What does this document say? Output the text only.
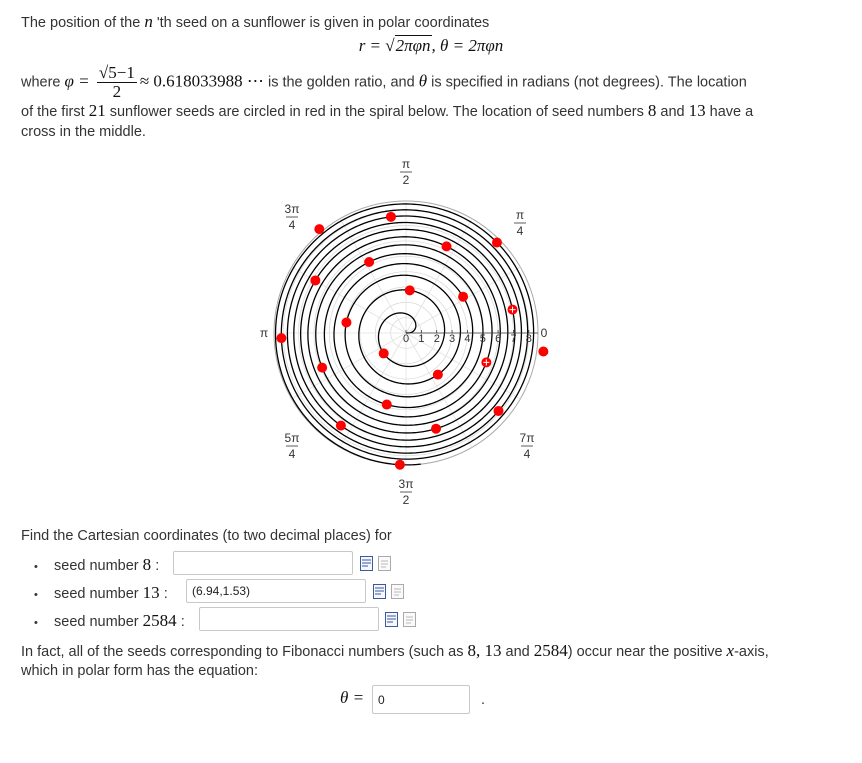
The position of the n 'th seed on a sunflower is given in polar coordinates
r = √2πφn, θ = 2πφn
where $\varphi = \frac{√5-1}{2} \approx 0.618033988$ ⋯ is the golden ratio, and θ is specified in radians (not degrees). The location
of the first 21 sunflower seeds are circled in red in the spiral below. The location of seed numbers 8 and 13 have a
cross in the middle.
0 1 2 3 4 5 6 7 8
π
2
π
4
3π
4
5π
4
3π
2
7π
4
π	0
Find the Cartesian coordinates (to two decimal places) for
• seed number 8 :
• seed number 13 :
(6.94,1.53)
• seed number 2584 :
In fact, all of the seeds corresponding to Fibonacci numbers (such as 8, 13 and 2584) occur near the positive x-axis,
which in polar form has the equation:
θ =
0	.
